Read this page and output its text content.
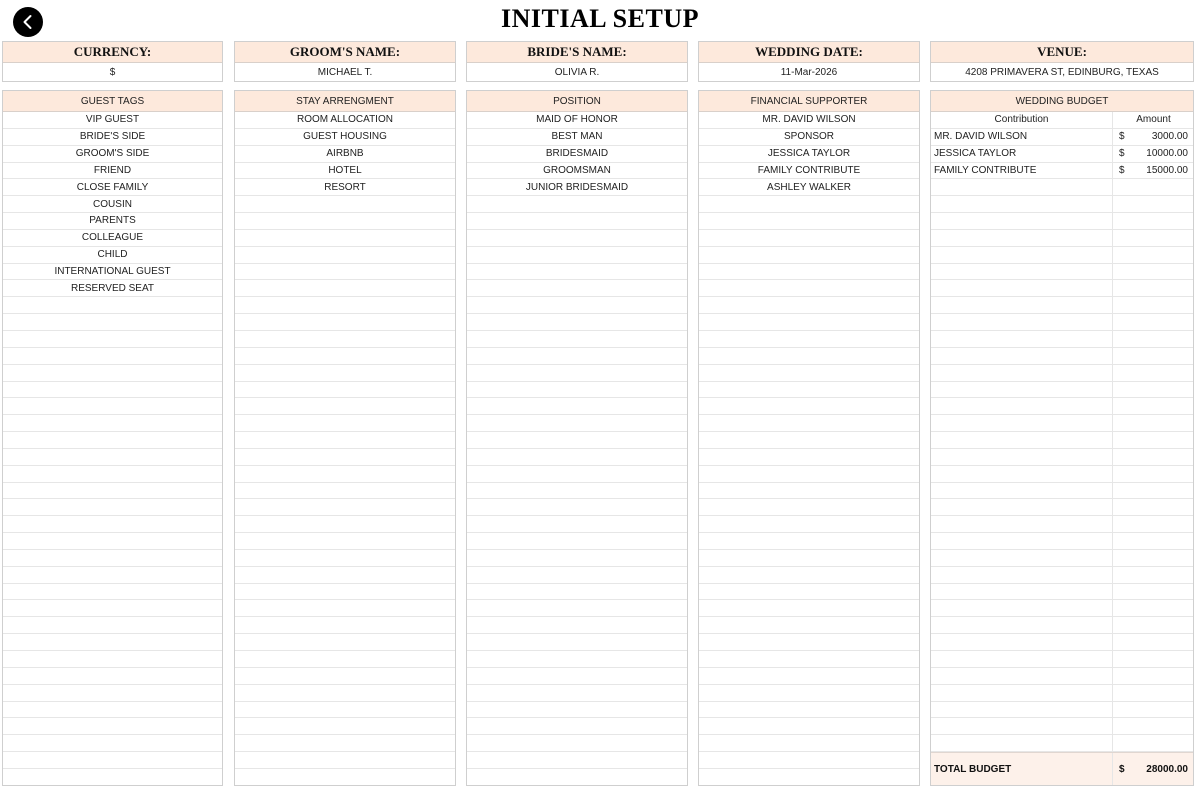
INITIAL SETUP
CURRENCY:
$
GROOM'S NAME:
MICHAEL T.
BRIDE'S NAME:
OLIVIA R.
WEDDING DATE:
11-Mar-2026
VENUE:
4208 PRIMAVERA ST, EDINBURG, TEXAS
GUEST TAGS
VIP GUEST
BRIDE'S SIDE
GROOM'S SIDE
FRIEND
CLOSE FAMILY
COUSIN
PARENTS
COLLEAGUE
CHILD
INTERNATIONAL GUEST
RESERVED SEAT
STAY ARRENGMENT
ROOM ALLOCATION
GUEST HOUSING
AIRBNB
HOTEL
RESORT
POSITION
MAID OF HONOR
BEST MAN
BRIDESMAID
GROOMSMAN
JUNIOR BRIDESMAID
FINANCIAL SUPPORTER
MR. DAVID WILSON
SPONSOR
JESSICA TAYLOR
FAMILY CONTRIBUTE
ASHLEY WALKER
WEDDING BUDGET
Contribution	Amount
MR. DAVID WILSON	$	3000.00
JESSICA TAYLOR	$	10000.00
FAMILY CONTRIBUTE	$	15000.00
TOTAL BUDGET	$	28000.00
